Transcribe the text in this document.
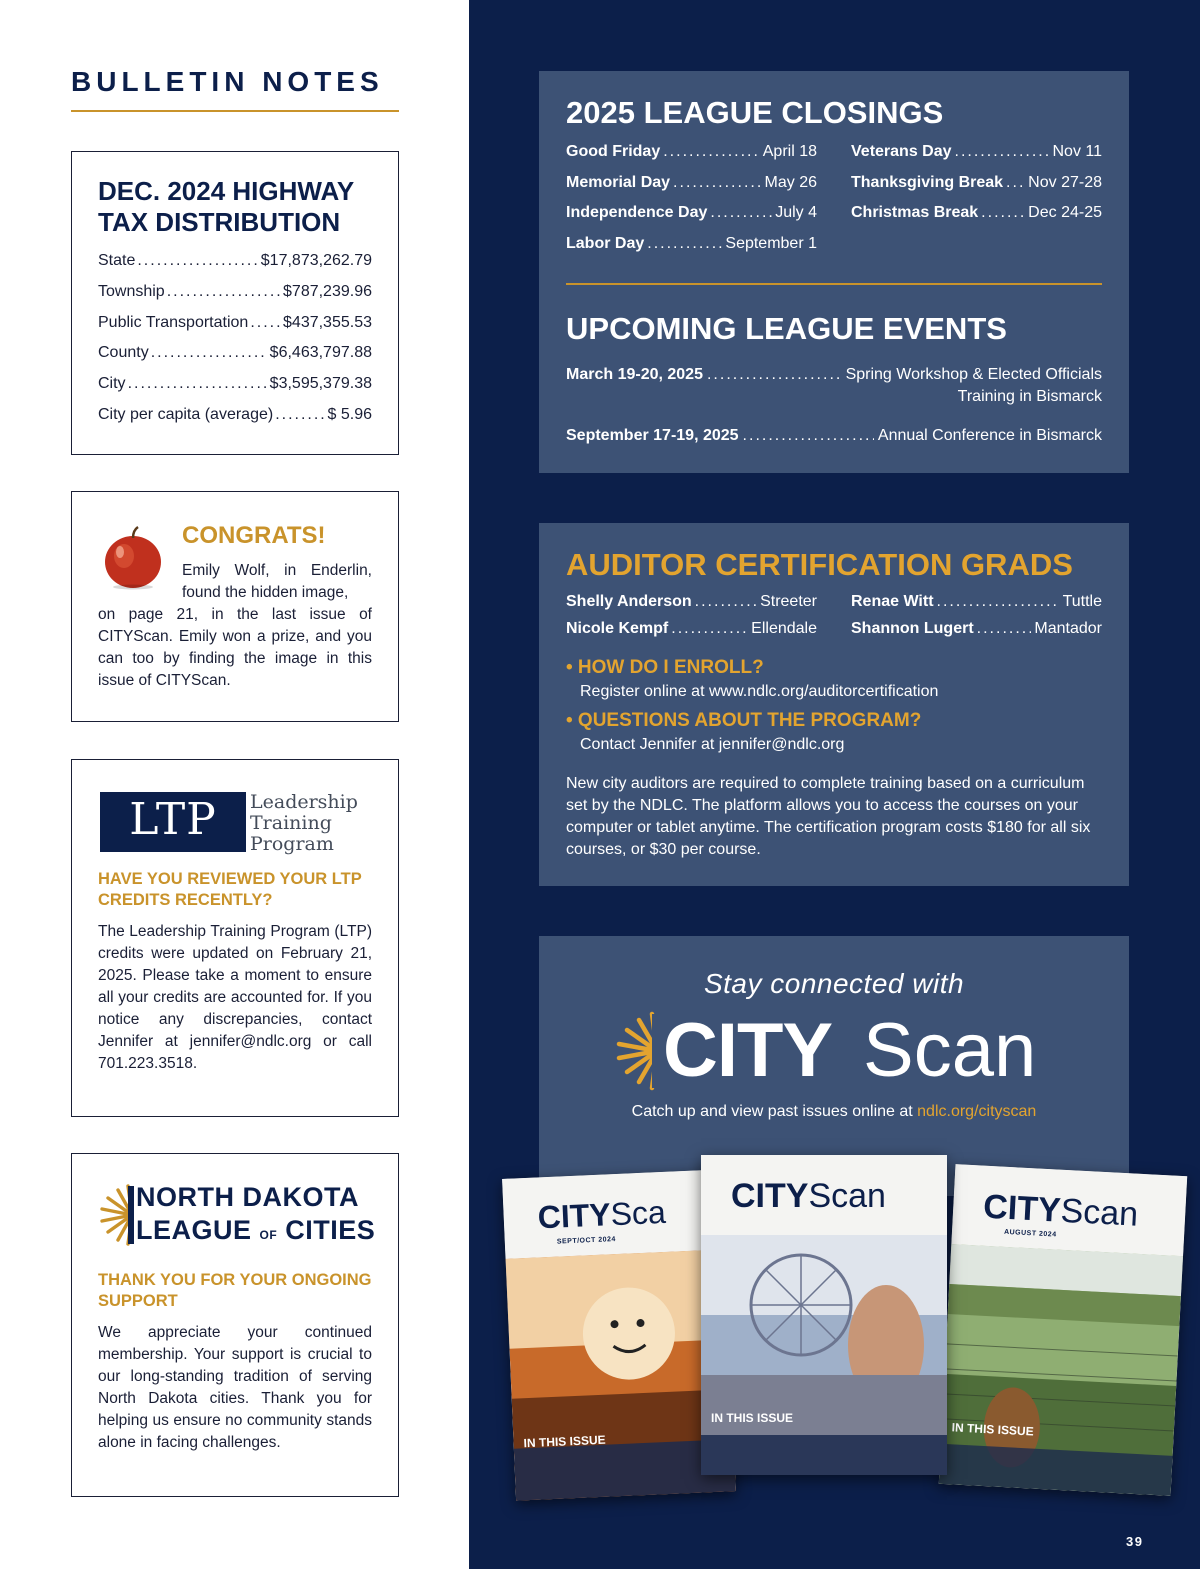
BULLETIN NOTES
DEC. 2024 HIGHWAY TAX DISTRIBUTION
State .....	$17,873,262.79
Township .....	$787,239.96
Public Transportation ..... $437,355.53
County .....	$6,463,797.88
City .....	$3,595,379.38
City per capita (average) .....	$ 5.96
CONGRATS!
Emily Wolf, in Enderlin, found the hidden image,
on page 21, in the last issue of CITYScan. Emily won a prize, and you can too by finding the image in this issue of CITYScan.
LTP	Leadership
Training
Program
HAVE YOU REVIEWED YOUR LTP CREDITS RECENTLY?
The Leadership Training Program (LTP) credits were updated on February 21, 2025. Please take a moment to ensure all your credits are accounted for. If you notice any discrepancies, contact Jennifer at jennifer@ndlc.org or call 701.223.3518.
NORTH DAKOTA
LEAGUE OF CITIES
THANK YOU FOR YOUR ONGOING SUPPORT
We appreciate your continued membership. Your support is crucial to our long-standing tradition of serving North Dakota cities. Thank you for helping us ensure no community stands alone in facing challenges.
2025 LEAGUE CLOSINGS
Good Friday .....	April 18
Memorial Day .....	May 26
Independence Day .....	July 4
Labor Day .....	September 1
Veterans Day .....	Nov 11
Thanksgiving Break ..... Nov 27-28
Christmas Break .....	Dec 24-25
UPCOMING LEAGUE EVENTS
March 19-20, 2025 .....	Spring Workshop & Elected Officials
Training in Bismarck
September 17-19, 2025 .....	Annual Conference in Bismarck
AUDITOR CERTIFICATION GRADS
Shelly Anderson .....	Streeter
Nicole Kempf .....	Ellendale
Renae Witt .....	Tuttle
Shannon Lugert .....	Mantador
• HOW DO I ENROLL?
Register online at www.ndlc.org/auditorcertification
• QUESTIONS ABOUT THE PROGRAM?
Contact Jennifer at jennifer@ndlc.org
New city auditors are required to complete training based on a curriculum set by the NDLC. The platform allows you to access the courses on your computer or tablet anytime. The certification program costs $180 for all six courses, or $30 per course.
Stay connected with
CITY Scan
Catch up and view past issues online at ndlc.org/cityscan
CITYSca
SEPT/OCT 2024
IN THIS ISSUE
CITYScan
AUGUST 2024
IN THIS ISSUE
CITYScan
IN THIS ISSUE
39
